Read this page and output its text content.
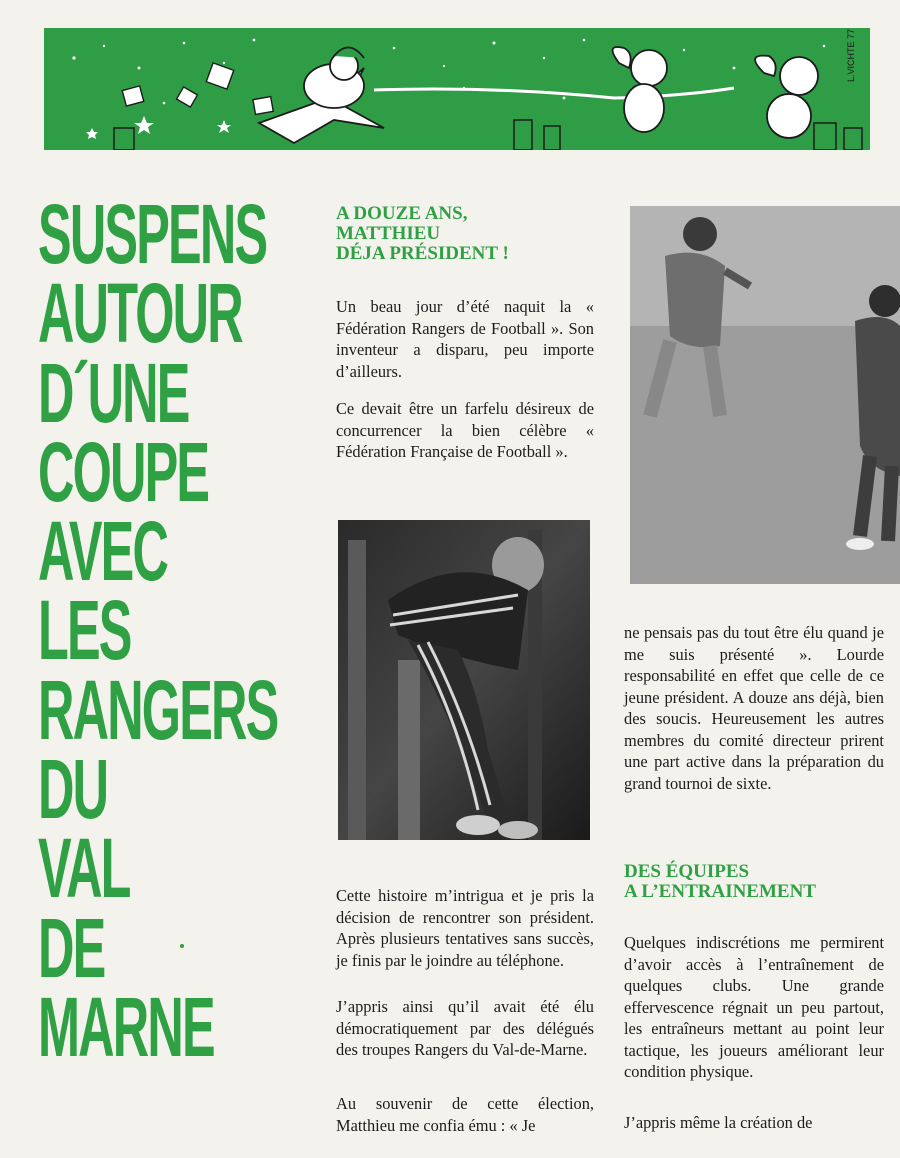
L.VICHTE 77
SUSPENS
AUTOUR
D´UNE
COUPE
AVEC
LES
RANGERS
DU
VAL
DE
MARNE
A DOUZE ANS,
MATTHIEU
DÉJA PRÉSIDENT !

Un beau jour d’été naquit la « Fédération Rangers de Football ». Son inventeur a disparu, peu importe d’ailleurs.

Ce devait être un farfelu désireux de concurrencer la bien célèbre « Fédération Française de Football ».

Cette histoire m’intrigua et je pris la décision de rencontrer son président. Après plusieurs tentatives sans succès, je finis par le joindre au téléphone.

J’appris ainsi qu’il avait été élu démocratiquement par des délégués des troupes Rangers du Val-de-Marne.

Au souvenir de cette élection, Matthieu me confia ému : « Je

ne pensais pas du tout être élu quand je me suis présenté ». Lourde responsabilité en effet que celle de ce jeune président. A douze ans déjà, bien des soucis. Heureusement les autres membres du comité directeur prirent une part active dans la préparation du grand tournoi de sixte.

DES ÉQUIPES
A L’ENTRAINEMENT

Quelques indiscrétions me permirent d’avoir accès à l’entraînement de quelques clubs. Une grande effervescence régnait un peu partout, les entraîneurs mettant au point leur tactique, les joueurs améliorant leur condition physique.

J’appris même la création de
